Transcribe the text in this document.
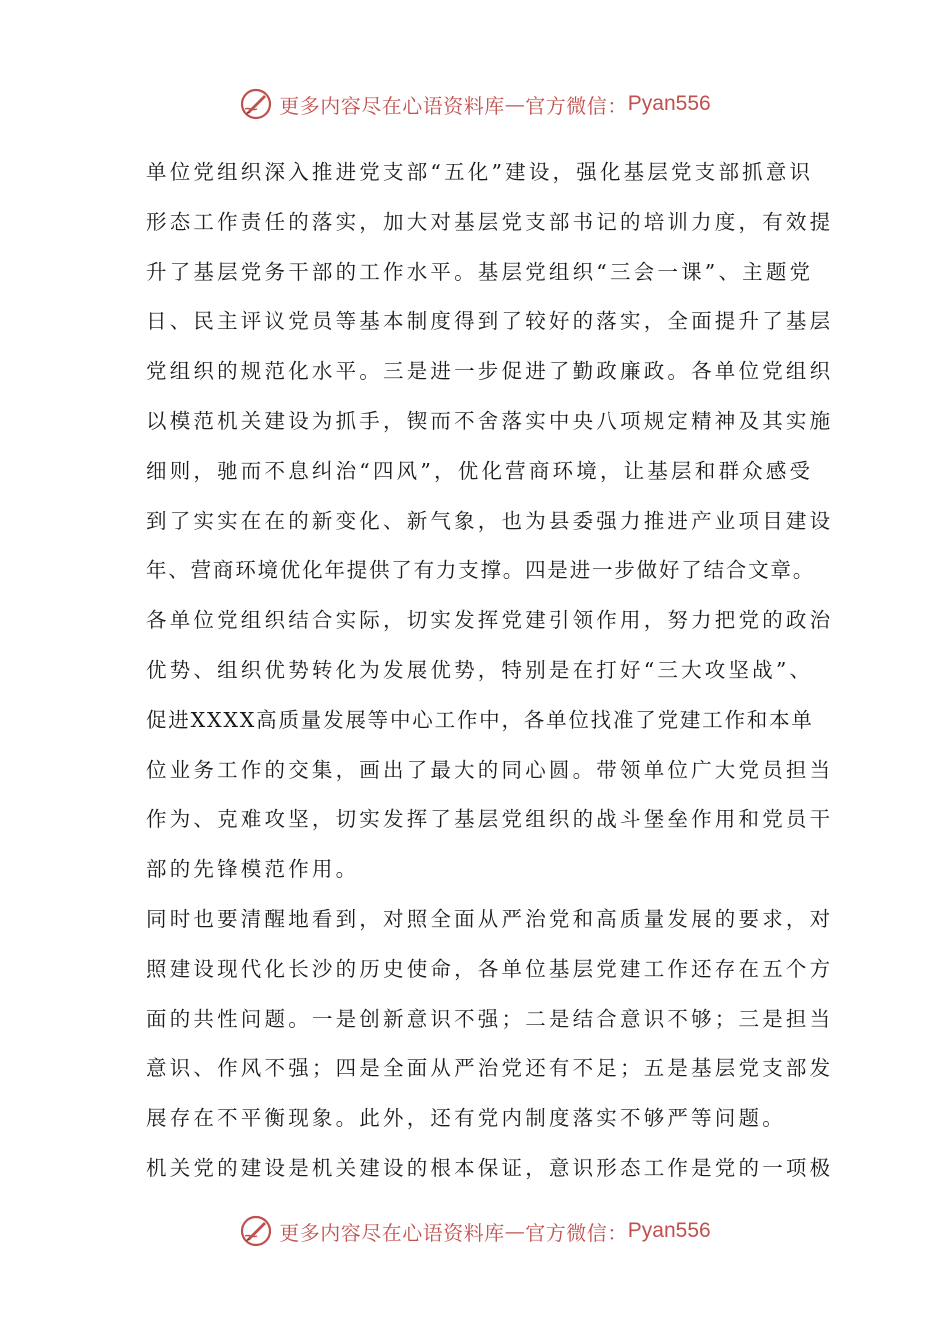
更多内容尽在心语资料库 — 官方微信： Pyan556
单位党组织深入推进党支部“五化”建设，强化基层党支部抓意识
形态工作责任的落实，加大对基层党支部书记的培训力度，有效提
升了基层党务干部的工作水平。基层党组织“三会一课”、主题党
日、民主评议党员等基本制度得到了较好的落实，全面提升了基层
党组织的规范化水平。三是进一步促进了勤政廉政。各单位党组织
以模范机关建设为抓手，锲而不舍落实中央八项规定精神及其实施
细则，驰而不息纠治“四风”，优化营商环境，让基层和群众感受
到了实实在在的新变化、新气象，也为县委强力推进产业项目建设
年、营商环境优化年提供了有力支撑。四是进一步做好了结合文章。
各单位党组织结合实际，切实发挥党建引领作用，努力把党的政治
优势、组织优势转化为发展优势，特别是在打好“三大攻坚战”、
促进XXXX高质量发展等中心工作中，各单位找准了党建工作和本单
位业务工作的交集，画出了最大的同心圆。带领单位广大党员担当
作为、克难攻坚，切实发挥了基层党组织的战斗堡垒作用和党员干
部的先锋模范作用。
同时也要清醒地看到，对照全面从严治党和高质量发展的要求，对
照建设现代化长沙的历史使命，各单位基层党建工作还存在五个方
面的共性问题。一是创新意识不强；二是结合意识不够；三是担当
意识、作风不强；四是全面从严治党还有不足；五是基层党支部发
展存在不平衡现象。此外，还有党内制度落实不够严等问题。
机关党的建设是机关建设的根本保证，意识形态工作是党的一项极
更多内容尽在心语资料库 — 官方微信： Pyan556
